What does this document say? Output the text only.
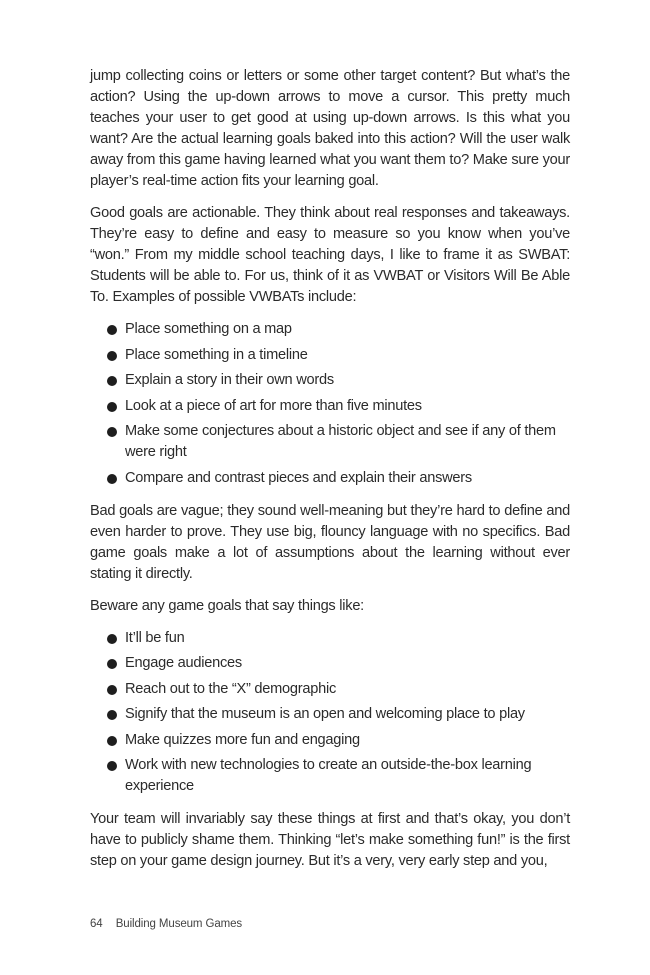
jump collecting coins or letters or some other target content? But what’s the action? Using the up-down arrows to move a cursor. This pretty much teaches your user to get good at using up-down arrows. Is this what you want? Are the actual learning goals baked into this action? Will the user walk away from this game having learned what you want them to? Make sure your player’s real-time action fits your learning goal.

Good goals are actionable. They think about real responses and takeaways. They’re easy to define and easy to measure so you know when you’ve “won.” From my middle school teaching days, I like to frame it as SWBAT: Students will be able to. For us, think of it as VWBAT or Visitors Will Be Able To. Examples of possible VWBATs include:

Place something on a map
Place something in a timeline
Explain a story in their own words
Look at a piece of art for more than five minutes
Make some conjectures about a historic object and see if any of them were right
Compare and contrast pieces and explain their answers

Bad goals are vague; they sound well-meaning but they’re hard to define and even harder to prove. They use big, flouncy language with no specifics. Bad game goals make a lot of assumptions about the learning without ever stating it directly.

Beware any game goals that say things like:

It’ll be fun
Engage audiences
Reach out to the “X” demographic
Signify that the museum is an open and welcoming place to play
Make quizzes more fun and engaging
Work with new technologies to create an outside-the-box learning experience

Your team will invariably say these things at first and that’s okay, you don’t have to publicly shame them. Thinking “let’s make something fun!” is the first step on your game design journey. But it’s a very, very early step and you,

64 Building Museum Games
